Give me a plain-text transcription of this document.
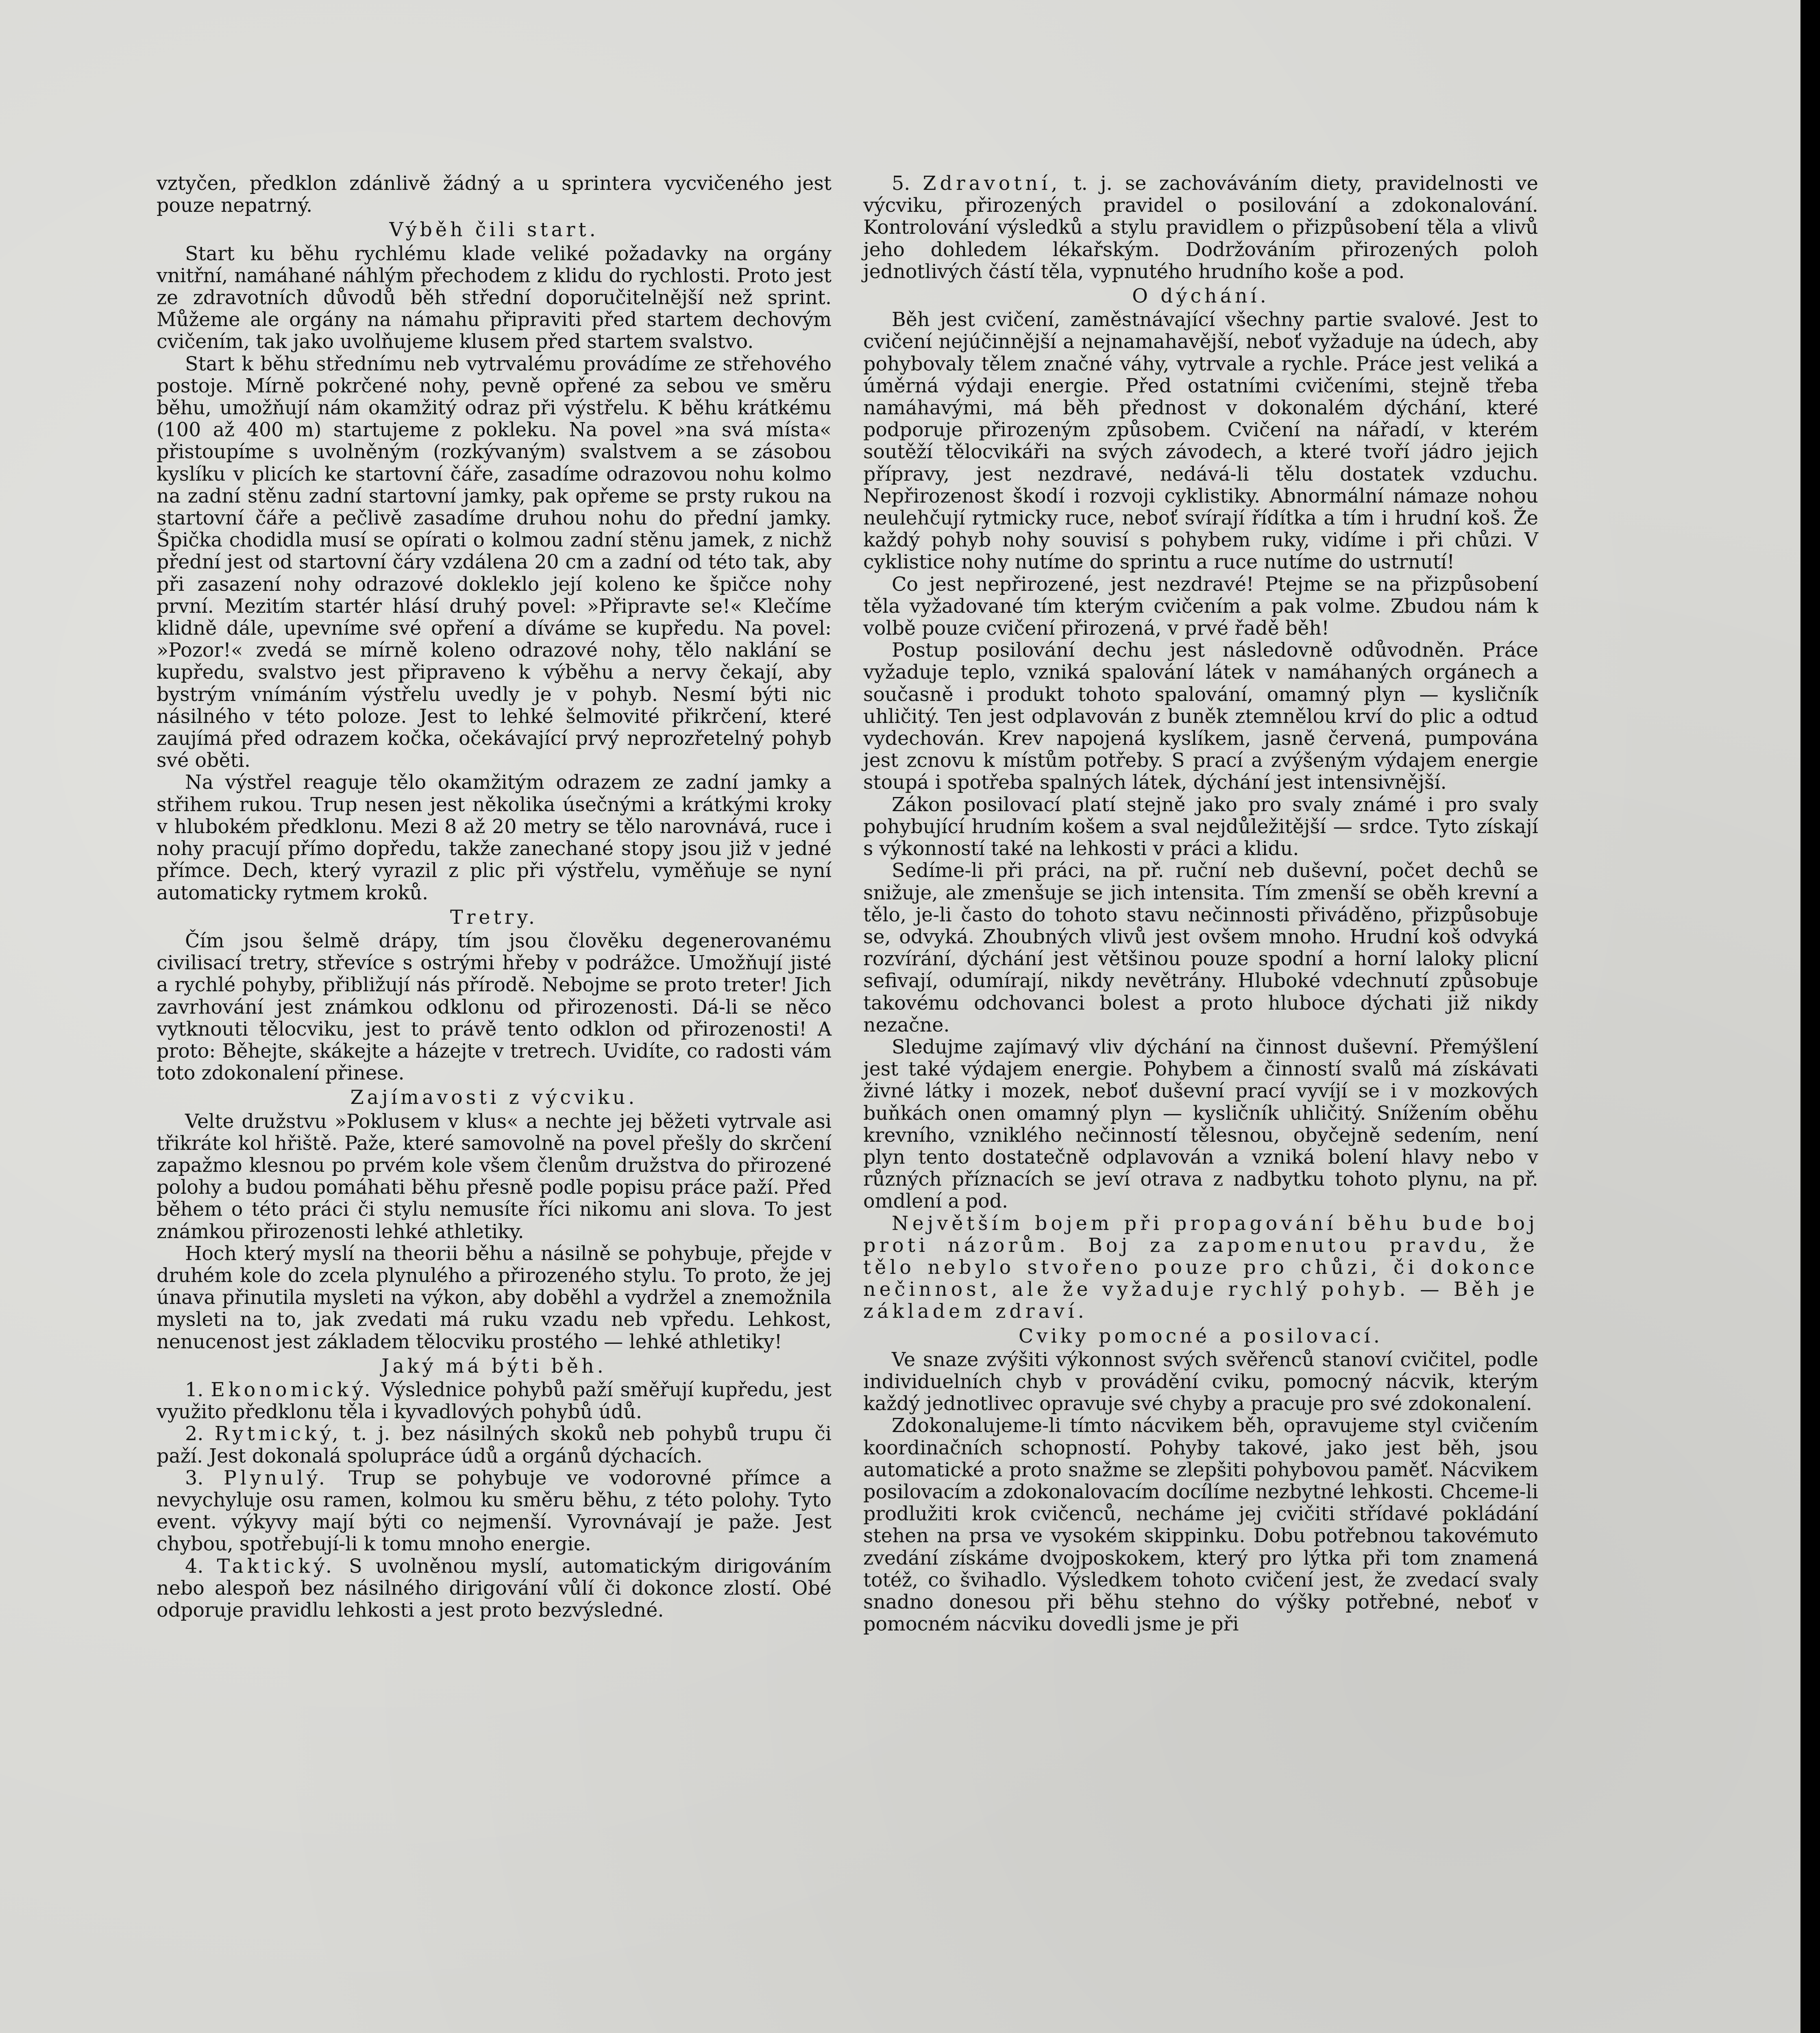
vztyčen, předklon zdánlivě žádný a u sprintera vycvičeného jest pouze nepatrný.

Výběh čili start.

Start ku běhu rychlému klade veliké požadavky na orgány vnitřní, namáhané náhlým přechodem z klidu do rychlosti. Proto jest ze zdravotních důvodů běh střední doporučitelnější než sprint. Můžeme ale orgány na námahu připraviti před startem dechovým cvičením, tak jako uvolňujeme klusem před startem svalstvo.

Start k běhu střednímu neb vytrvalému provádíme ze střehového postoje. Mírně pokrčené nohy, pevně opřené za sebou ve směru běhu, umožňují nám okamžitý odraz při výstřelu. K běhu krátkému (100 až 400 m) startujeme z pokleku. Na povel »na svá místa« přistoupíme s uvolněným (rozkývaným) svalstvem a se zásobou kyslíku v plicích ke startovní čáře, zasadíme odrazovou nohu kolmo na zadní stěnu zadní startovní jamky, pak opřeme se prsty rukou na startovní čáře a pečlivě zasadíme druhou nohu do přední jamky. Špička chodidla musí se opírati o kolmou zadní stěnu jamek, z nichž přední jest od startovní čáry vzdálena 20 cm a zadní od této tak, aby při zasazení nohy odrazové dokleklo její koleno ke špičce nohy první. Mezitím startér hlásí druhý povel: »Připravte se!« Klečíme klidně dále, upevníme své opření a díváme se kupředu. Na povel: »Pozor!« zvedá se mírně koleno odrazové nohy, tělo naklání se kupředu, svalstvo jest připraveno k výběhu a nervy čekají, aby bystrým vnímáním výstřelu uvedly je v pohyb. Nesmí býti nic násilného v této poloze. Jest to lehké šelmovité přikrčení, které zaujímá před odrazem kočka, očekávající prvý neprozřetelný pohyb své oběti.

Na výstřel reaguje tělo okamžitým odrazem ze zadní jamky a střihem rukou. Trup nesen jest několika úsečnými a krátkými kroky v hlubokém předklonu. Mezi 8 až 20 metry se tělo narovnává, ruce i nohy pracují přímo dopředu, takže zanechané stopy jsou již v jedné přímce. Dech, který vyrazil z plic při výstřelu, vyměňuje se nyní automaticky rytmem kroků.

Tretry.

Čím jsou šelmě drápy, tím jsou člověku degenerovanému civilisací tretry, střevíce s ostrými hřeby v podrážce. Umožňují jisté a rychlé pohyby, přibližují nás přírodě. Nebojme se proto treter! Jich zavrhování jest známkou odklonu od přirozenosti. Dá-li se něco vytknouti tělocviku, jest to právě tento odklon od přirozenosti! A proto: Běhejte, skákejte a házejte v tretrech. Uvidíte, co radosti vám toto zdokonalení přinese.

Zajímavosti z výcviku.

Velte družstvu »Poklusem v klus« a nechte jej běžeti vytrvale asi třikráte kol hřiště. Paže, které samovolně na povel přešly do skrčení zapažmo klesnou po prvém kole všem členům družstva do přirozené polohy a budou pomáhati běhu přesně podle popisu práce paží. Před během o této práci či stylu nemusíte říci nikomu ani slova. To jest známkou přirozenosti lehké athletiky.

Hoch který myslí na theorii běhu a násilně se pohybuje, přejde v druhém kole do zcela plynulého a přirozeného stylu. To proto, že jej únava přinutila mysleti na výkon, aby doběhl a vydržel a znemožnila mysleti na to, jak zvedati má ruku vzadu neb vpředu. Lehkost, nenucenost jest základem tělocviku prostého — lehké athletiky!

Jaký má býti běh.

1. Ekonomický. Výslednice pohybů paží směřují kupředu, jest využito předklonu těla i kyvadlových pohybů údů.

2. Rytmický, t. j. bez násilných skoků neb pohybů trupu či paží. Jest dokonalá spolupráce údů a orgánů dýchacích.

3. Plynulý. Trup se pohybuje ve vodorovné přímce a nevychyluje osu ramen, kolmou ku směru běhu, z této polohy. Tyto event. výkyvy mají býti co nejmenší. Vyrovnávají je paže. Jest chybou, spotřebují-li k tomu mnoho energie.

4. Taktický. S uvolněnou myslí, automatickým dirigováním nebo alespoň bez násilného dirigování vůlí či dokonce zlostí. Obé odporuje pravidlu lehkosti a jest proto bezvýsledné.

5. Zdravotní, t. j. se zachováváním diety, pravidelnosti ve výcviku, přirozených pravidel o posilování a zdokonalování. Kontrolování výsledků a stylu pravidlem o přizpůsobení těla a vlivů jeho dohledem lékařským. Dodržováním přirozených poloh jednotlivých částí těla, vypnutého hrudního koše a pod.

O dýchání.

Běh jest cvičení, zaměstnávající všechny partie svalové. Jest to cvičení nejúčinnější a nejnamahavější, neboť vyžaduje na údech, aby pohybovaly tělem značné váhy, vytrvale a rychle. Práce jest veliká a úměrná výdaji energie. Před ostatními cvičeními, stejně třeba namáhavými, má běh přednost v dokonalém dýchání, které podporuje přirozeným způsobem. Cvičení na nářadí, v kterém soutěží tělocvikáři na svých závodech, a které tvoří jádro jejich přípravy, jest nezdravé, nedává-li tělu dostatek vzduchu. Nepřirozenost škodí i rozvoji cyklistiky. Abnormální námaze nohou neulehčují rytmicky ruce, neboť svírají řídítka a tím i hrudní koš. Že každý pohyb nohy souvisí s pohybem ruky, vidíme i při chůzi. V cyklistice nohy nutíme do sprintu a ruce nutíme do ustrnutí!

Co jest nepřirozené, jest nezdravé! Ptejme se na přizpůsobení těla vyžadované tím kterým cvičením a pak volme. Zbudou nám k volbě pouze cvičení přirozená, v prvé řadě běh!

Postup posilování dechu jest následovně odůvodněn. Práce vyžaduje teplo, vzniká spalování látek v namáhaných orgánech a současně i produkt tohoto spalování, omamný plyn — kysličník uhličitý. Ten jest odplavován z buněk ztemnělou krví do plic a odtud vydechován. Krev napojená kyslíkem, jasně červená, pumpována jest zcnovu k místům potřeby. S prací a zvýšeným výdajem energie stoupá i spotřeba spalných látek, dýchání jest intensivnější.

Zákon posilovací platí stejně jako pro svaly známé i pro svaly pohybující hrudním košem a sval nejdůležitější — srdce. Tyto získají s výkonností také na lehkosti v práci a klidu.

Sedíme-li při práci, na př. ruční neb duševní, počet dechů se snižuje, ale zmenšuje se jich intensita. Tím zmenší se oběh krevní a tělo, je-li často do tohoto stavu nečinnosti přiváděno, přizpůsobuje se, odvyká. Zhoubných vlivů jest ovšem mnoho. Hrudní koš odvyká rozvírání, dýchání jest většinou pouze spodní a horní laloky plicní sefivají, odumírají, nikdy nevětrány. Hluboké vdechnutí způsobuje takovému odchovanci bolest a proto hluboce dýchati již nikdy nezačne.

Sledujme zajímavý vliv dýchání na činnost duševní. Přemýšlení jest také výdajem energie. Pohybem a činností svalů má získávati živné látky i mozek, neboť duševní prací vyvíjí se i v mozkových buňkách onen omamný plyn — kysličník uhličitý. Snížením oběhu krevního, vzniklého nečinností tělesnou, obyčejně sedením, není plyn tento dostatečně odplavován a vzniká bolení hlavy nebo v různých příznacích se jeví otrava z nadbytku tohoto plynu, na př. omdlení a pod.

Největším bojem při propagování běhu bude boj proti názorům. Boj za zapomenutou pravdu, že tělo nebylo stvořeno pouze pro chůzi, či dokonce nečinnost, ale že vyžaduje rychlý pohyb. — Běh je základem zdraví.

Cviky pomocné a posilovací.

Ve snaze zvýšiti výkonnost svých svěřenců stanoví cvičitel, podle individuelních chyb v provádění cviku, pomocný nácvik, kterým každý jednotlivec opravuje své chyby a pracuje pro své zdokonalení.

Zdokonalujeme-li tímto nácvikem běh, opravujeme styl cvičením koordinačních schopností. Pohyby takové, jako jest běh, jsou automatické a proto snažme se zlepšiti pohybovou paměť. Nácvikem posilovacím a zdokonalovacím docílíme nezbytné lehkosti. Chceme-li prodlužiti krok cvičenců, necháme jej cvičiti střídavé pokládání stehen na prsa ve vysokém skippinku. Dobu potřebnou takovémuto zvedání získáme dvojposkokem, který pro lýtka při tom znamená totéž, co švihadlo. Výsledkem tohoto cvičení jest, že zvedací svaly snadno donesou při běhu stehno do výšky potřebné, neboť v pomocném nácviku dovedli jsme je při
